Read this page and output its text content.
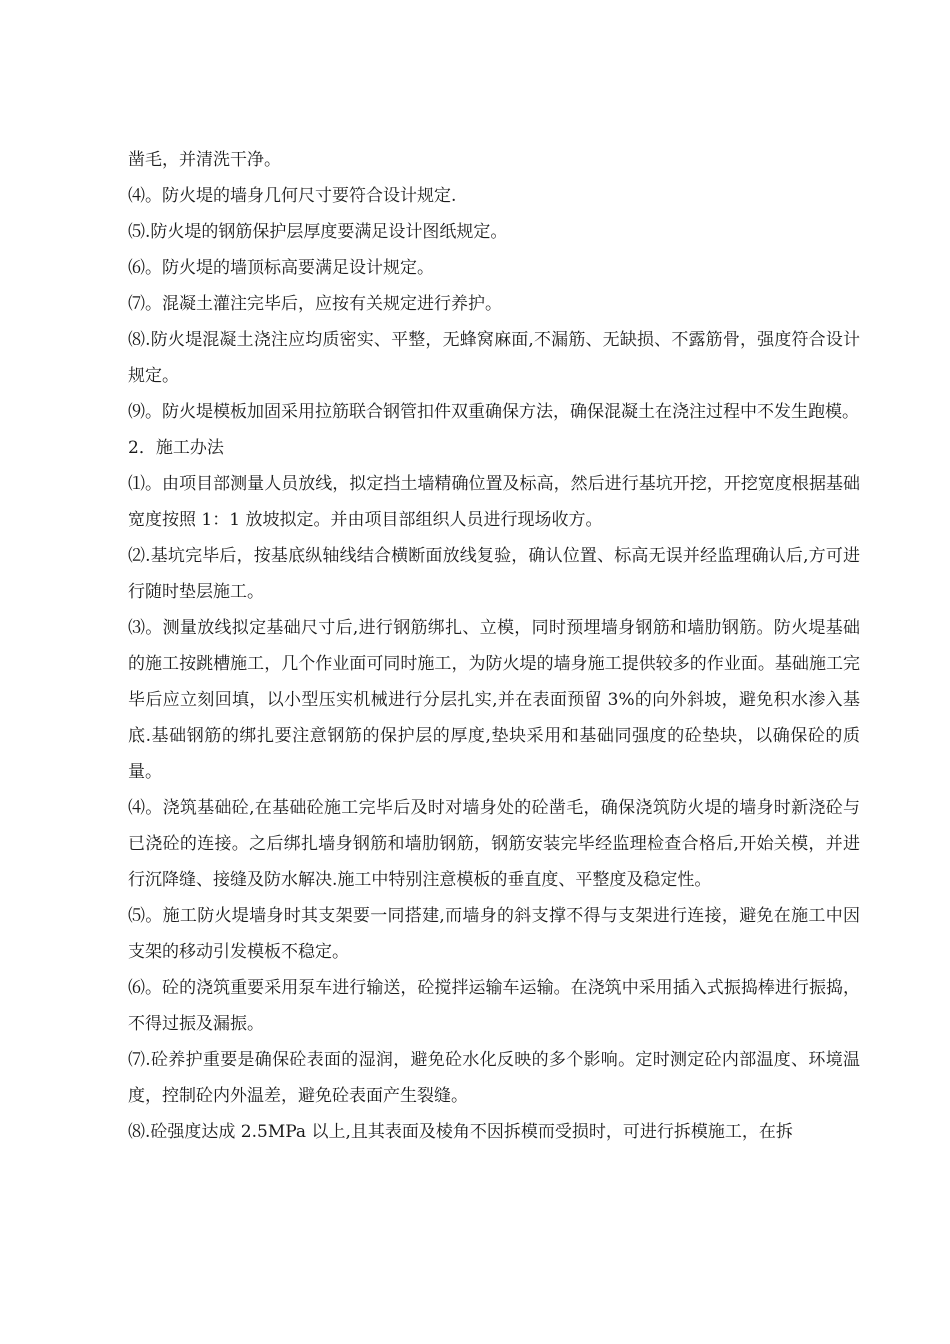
凿毛，并清洗干净。

⑷。防火堤的墙身几何尺寸要符合设计规定.

⑸.防火堤的钢筋保护层厚度要满足设计图纸规定。

⑹。防火堤的墙顶标高要满足设计规定。

⑺。混凝土灌注完毕后，应按有关规定进行养护。

⑻.防火堤混凝土浇注应均质密实、平整，无蜂窝麻面,不漏筋、无缺损、不露筋骨，强度符合设计规定。

⑼。防火堤模板加固采用拉筋联合钢管扣件双重确保方法，确保混凝土在浇注过程中不发生跑模。

2．施工办法

⑴。由项目部测量人员放线，拟定挡土墙精确位置及标高，然后进行基坑开挖，开挖宽度根据基础宽度按照 1：1 放坡拟定。并由项目部组织人员进行现场收方。

⑵.基坑完毕后，按基底纵轴线结合横断面放线复验，确认位置、标高无误并经监理确认后,方可进行随时垫层施工。

⑶。测量放线拟定基础尺寸后,进行钢筋绑扎、立模，同时预埋墙身钢筋和墙肋钢筋。防火堤基础的施工按跳槽施工，几个作业面可同时施工，为防火堤的墙身施工提供较多的作业面。基础施工完毕后应立刻回填，以小型压实机械进行分层扎实,并在表面预留 3%的向外斜坡，避免积水渗入基底.基础钢筋的绑扎要注意钢筋的保护层的厚度,垫块采用和基础同强度的砼垫块，以确保砼的质量。

⑷。浇筑基础砼,在基础砼施工完毕后及时对墙身处的砼凿毛，确保浇筑防火堤的墙身时新浇砼与已浇砼的连接。之后绑扎墙身钢筋和墙肋钢筋，钢筋安装完毕经监理检查合格后,开始关模，并进行沉降缝、接缝及防水解决.施工中特别注意模板的垂直度、平整度及稳定性。

⑸。施工防火堤墙身时其支架要一同搭建,而墙身的斜支撑不得与支架进行连接，避免在施工中因支架的移动引发模板不稳定。

⑹。砼的浇筑重要采用泵车进行输送，砼搅拌运输车运输。在浇筑中采用插入式振捣棒进行振捣，不得过振及漏振。

⑺.砼养护重要是确保砼表面的湿润，避免砼水化反映的多个影响。定时测定砼内部温度、环境温度，控制砼内外温差，避免砼表面产生裂缝。

⑻.砼强度达成 2.5MPa 以上,且其表面及棱角不因拆模而受损时，可进行拆模施工，在拆
